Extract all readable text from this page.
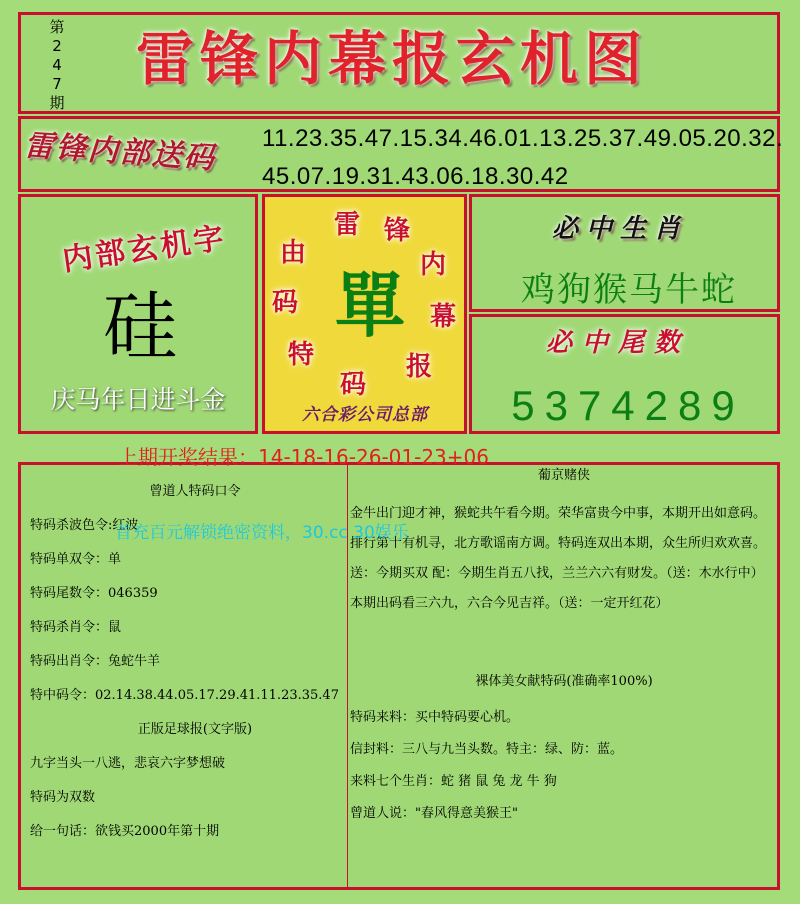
第
2
4
7
期
雷锋内幕报玄机图
雷锋内部送码	11.23.35.47.15.34.46.01.13.25.37.49.05.20.32.
45.07.19.31.43.06.18.30.42
内部玄机字
硅
庆马年日进斗金
雷 锋
内
幕
报
码
特
码
由
單
六合彩公司总部
必中生肖
鸡狗猴马牛蛇
必中尾数
5374289
上期开奖结果：14-18-16-26-01-23+06
曾道人特码口令
特码杀波色令:红波
特码单双令：单
特码尾数令：046359
特码杀肖令：鼠
特码出肖令：兔蛇牛羊
特中码令：02.14.38.44.05.17.29.41.11.23.35.47
正版足球报(文字版)
九字当头一八逃，悲哀六字梦想破
特码为双数
给一句话：欲钱买2000年第十期
葡京赌侠
金牛出门迎才神，猴蛇共午看今期。荣华富贵今中事，本期开出如意码。
排行第十有机寻，北方歌谣南方调。特码连双出本期，众生所归欢欢喜。
送：今期买双 配：今期生肖五八找，兰兰六六有财发。（送：木水行中）
本期出码看三六九，六合今见吉祥。（送：一定开红花）
裸体美女献特码(准确率100%)
特码来料：买中特码要心机。
信封料：三八与九当头数。特主：绿、防：蓝。
来料七个生肖：蛇 猪 鼠 兔 龙 牛 狗
曾道人说："春风得意美猴王"
首充百元解锁绝密资料，30.cc 30娱乐
